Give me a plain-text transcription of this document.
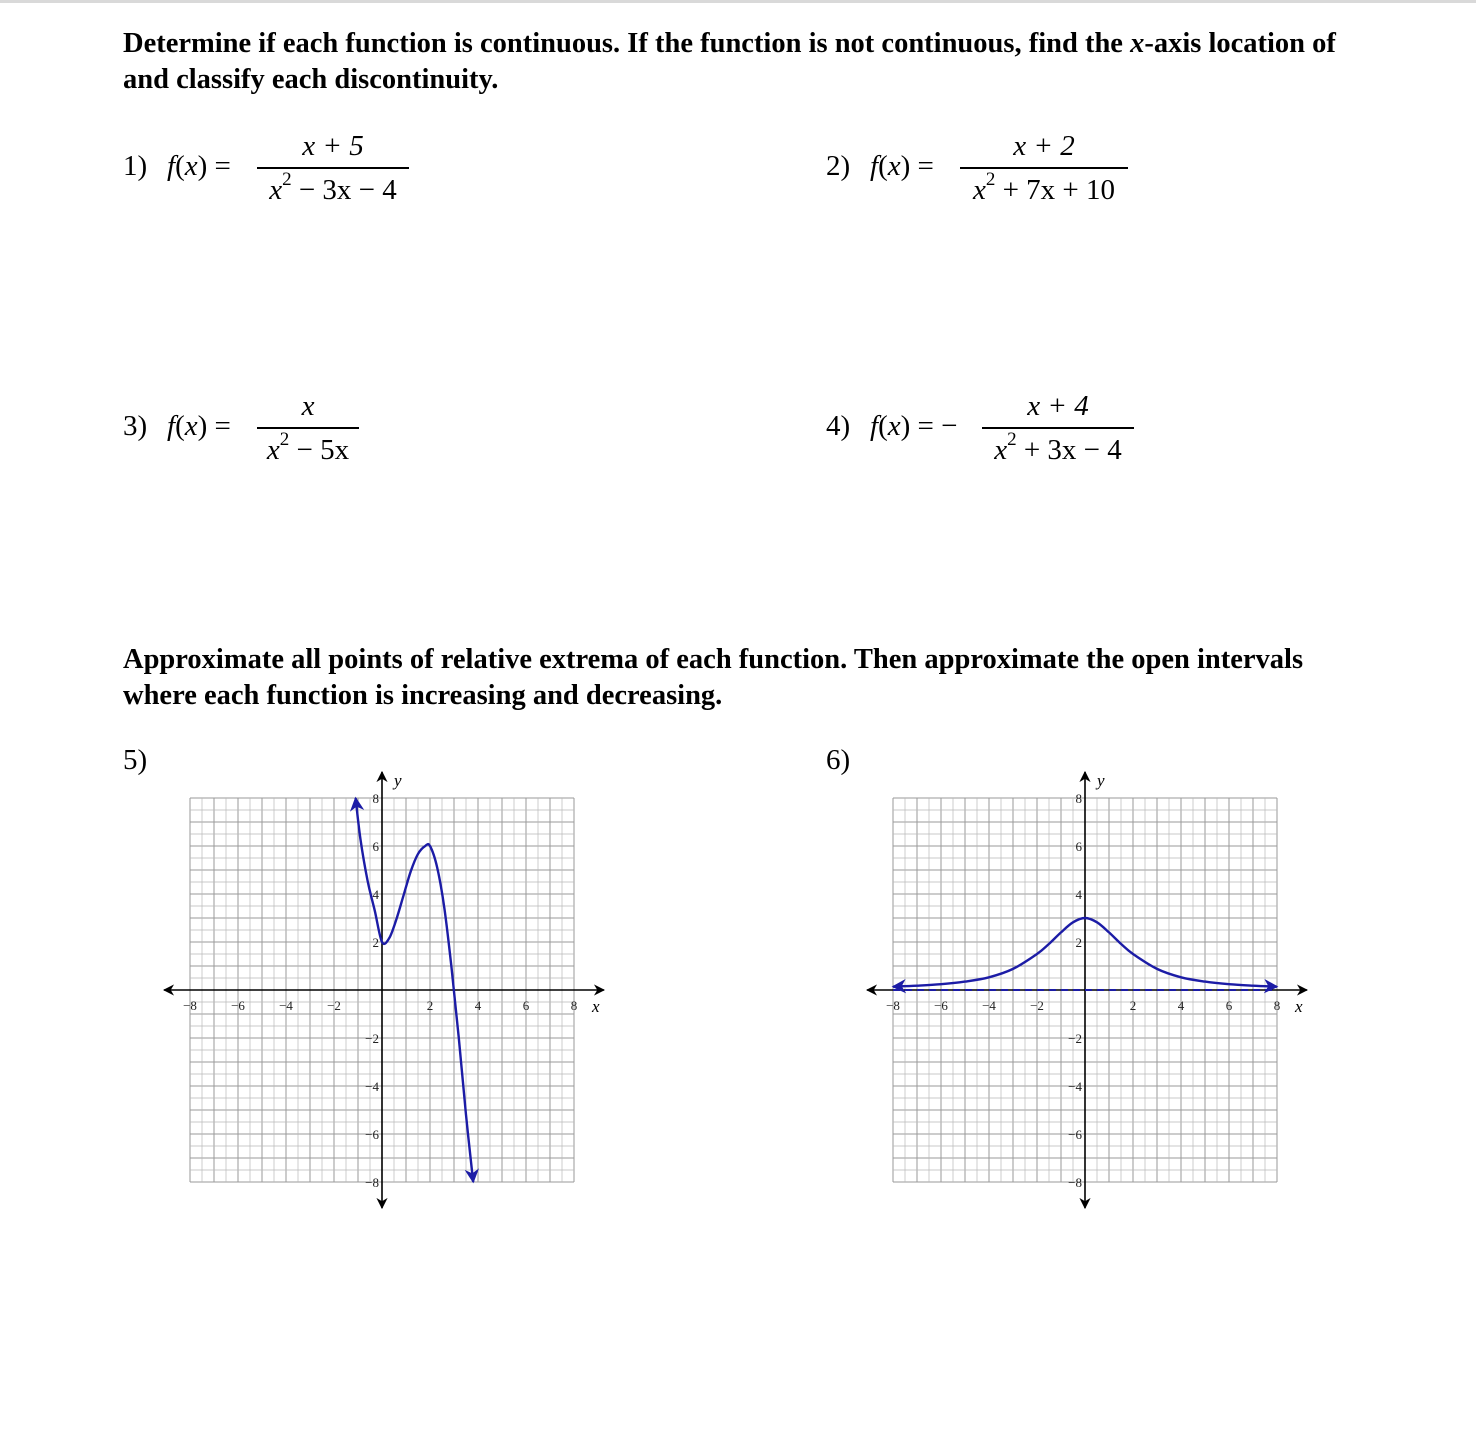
Determine if each function is continuous. If the function is not continuous, find the x-axis location of and classify each discontinuity.
1) f(x) =
x + 5
$x^2 - 3x - 4$
2) f(x) =
x + 2
$x^2 + 7x + 10$
3) f(x) =
x
$x^2 - 5x$
4) f(x) = −
x + 4
$x^2 + 3x - 4$
Approximate all points of relative extrema of each function. Then approximate the open intervals where each function is increasing and decreasing.
5)	6)
x
y
−8	−6	−4	−2	2	4	6	8
8
6
4
2
−2
−4
−6
−8
x
y
−8	−6	−4	−2	2	4	6	8
8
6
4
2
−2
−4
−6
−8
